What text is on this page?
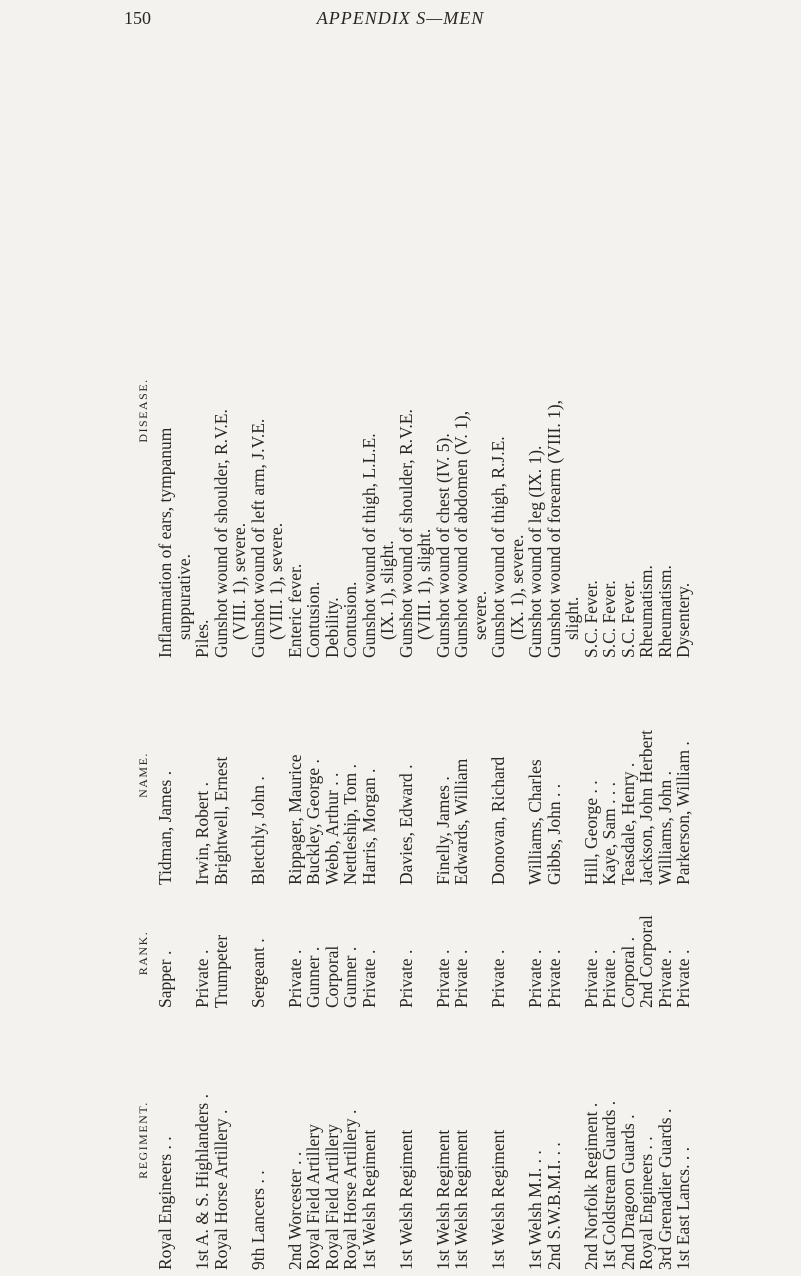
150	APPENDIX S—MEN
REGIMENT. Royal Engineers . . 1st A. & S. Highlanders .
Royal Horse Artillery . 9th Lancers . . 2nd Worcester . .
Royal Field Artillery
Royal Field Artillery
Royal Horse Artillery .
1st Welsh Regiment 1st Welsh Regiment 1st Welsh Regiment
1st Welsh Regiment 1st Welsh Regiment 1st Welsh M.I. . .
2nd S.W.B.M.I. . . 2nd Norfolk Regiment .
1st Coldstream Guards .
2nd Dragoon Guards .
Royal Engineers . .
3rd Grenadier Guards .
1st East Lancs. . .
RANK. Sapper . Private .
Trumpeter Sergeant . Private .
Gunner .
Corporal
Gunner .
Private . Private . Private .
Private . Private . Private .
Private . Private .
Private .
Corporal .
2nd Corporal
Private .
Private .
NAME. Tidman, James . Irwin, Robert .
Brightwell, Ernest Bletchly, John . Rippager, Maurice
Buckley, George .
Webb, Arthur . .
Nettleship, Tom .
Harris, Morgan . Davies, Edward . Finelly, James .
Edwards, William Donovan, Richard Williams, Charles
Gibbs, John . . Hill, George . .
Kaye, Sam . . .
Teasdale, Henry .
Jackson, John Herbert
Williams, John .
Parkerson, William .
DISEASE.
Inflammation of ears, tympanum
suppurative.
Piles.
Gunshot wound of shoulder, R.V.E.
(VIII. 1), severe.
Gunshot wound of left arm, J.V.E.
(VIII. 1), severe.
Enteric fever.
Contusion.
Debility.
Contusion.
Gunshot wound of thigh, L.L.E.
(IX. 1), slight.
Gunshot wound of shoulder, R.V.E.
(VIII. 1), slight.
Gunshot wound of chest (IV. 5).
Gunshot wound of abdomen (V. 1),
severe.
Gunshot wound of thigh, R.J.E.
(IX. 1), severe.
Gunshot wound of leg (IX. 1).
Gunshot wound of forearm (VIII. 1),
slight.
S.C. Fever.
S.C. Fever.
S.C. Fever.
Rheumatism.
Rheumatism.
Dysentery.
